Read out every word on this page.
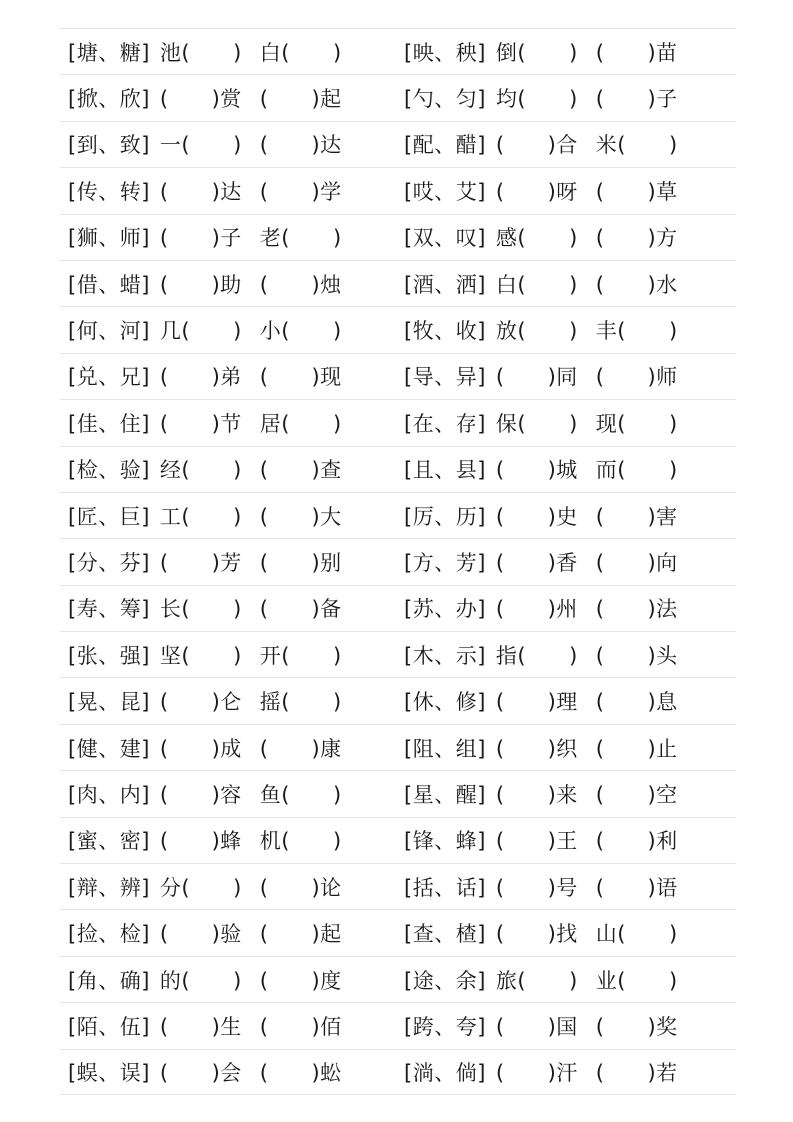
[塘、糖] 池(　　) 白(　　)	[映、秧] 倒(　　) (　　)苗
[掀、欣] (　　)赏 (　　)起	[勺、匀] 均(　　) (　　)子
[到、致] 一(　　) (　　)达	[配、醋] (　　)合 米(　　)
[传、转] (　　)达 (　　)学	[哎、艾] (　　)呀 (　　)草
[狮、师] (　　)子 老(　　)	[双、叹] 感(　　) (　　)方
[借、蜡] (　　)助 (　　)烛	[酒、洒] 白(　　) (　　)水
[何、河] 几(　　) 小(　　)	[牧、收] 放(　　) 丰(　　)
[兑、兄] (　　)弟 (　　)现	[导、异] (　　)同 (　　)师
[佳、住] (　　)节 居(　　)	[在、存] 保(　　) 现(　　)
[检、验] 经(　　) (　　)查	[且、县] (　　)城 而(　　)
[匠、巨] 工(　　) (　　)大	[厉、历] (　　)史 (　　)害
[分、芬] (　　)芳 (　　)别	[方、芳] (　　)香 (　　)向
[寿、筹] 长(　　) (　　)备	[苏、办] (　　)州 (　　)法
[张、强] 坚(　　) 开(　　)	[木、示] 指(　　) (　　)头
[晃、昆] (　　)仑 摇(　　)	[休、修] (　　)理 (　　)息
[健、建] (　　)成 (　　)康	[阻、组] (　　)织 (　　)止
[肉、内] (　　)容 鱼(　　)	[星、醒] (　　)来 (　　)空
[蜜、密] (　　)蜂 机(　　)	[锋、蜂] (　　)王 (　　)利
[辩、辨] 分(　　) (　　)论	[括、话] (　　)号 (　　)语
[捡、检] (　　)验 (　　)起	[查、楂] (　　)找 山(　　)
[角、确] 的(　　) (　　)度	[途、余] 旅(　　) 业(　　)
[陌、伍] (　　)生 (　　)佰	[跨、夸] (　　)国 (　　)奖
[蜈、误] (　　)会 (　　)蚣	[淌、倘] (　　)汗 (　　)若
